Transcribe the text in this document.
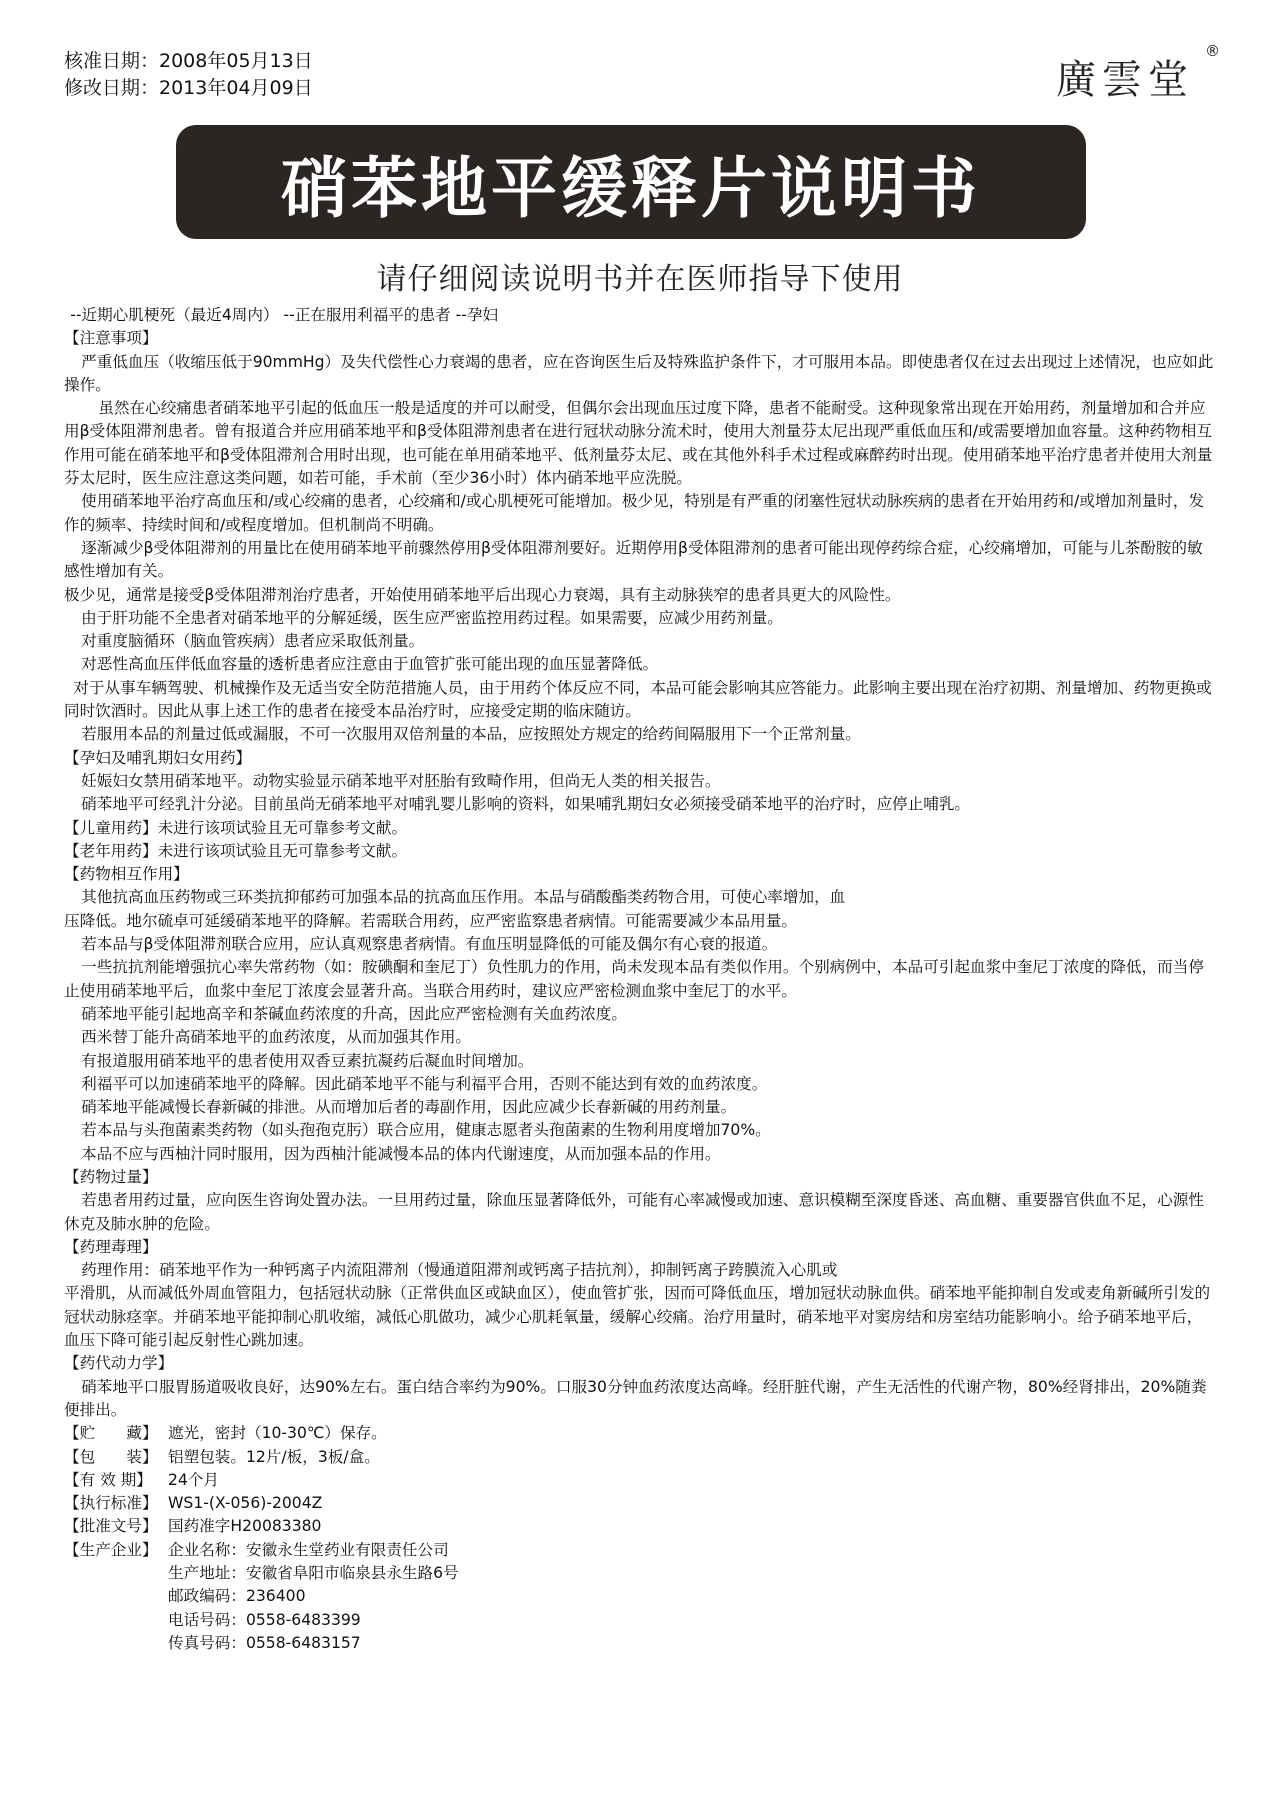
核准日期：2008年05月13日
修改日期：2013年04月09日	廣雲堂
®
硝苯地平缓释片说明书
请仔细阅读说明书并在医师指导下使用

--近期心肌梗死（最近4周内） --正在服用利福平的患者 --孕妇

【注意事项】

严重低血压（收缩压低于90mmHg）及失代偿性心力衰竭的患者，应在咨询医生后及特殊监护条件下，才可服用本品。即使患者仅在过去出现过上述情况，也应如此操作。

虽然在心绞痛患者硝苯地平引起的低血压一般是适度的并可以耐受，但偶尔会出现血压过度下降，患者不能耐受。这种现象常出现在开始用药，剂量增加和合并应用β受体阻滞剂患者。曾有报道合并应用硝苯地平和β受体阻滞剂患者在进行冠状动脉分流术时，使用大剂量芬太尼出现严重低血压和/或需要增加血容量。这种药物相互作用可能在硝苯地平和β受体阻滞剂合用时出现，也可能在单用硝苯地平、低剂量芬太尼、或在其他外科手术过程或麻醉药时出现。使用硝苯地平治疗患者并使用大剂量芬太尼时，医生应注意这类问题，如若可能，手术前（至少36小时）体内硝苯地平应洗脱。

使用硝苯地平治疗高血压和/或心绞痛的患者，心绞痛和/或心肌梗死可能增加。极少见，特别是有严重的闭塞性冠状动脉疾病的患者在开始用药和/或增加剂量时，发作的频率、持续时间和/或程度增加。但机制尚不明确。

逐渐减少β受体阻滞剂的用量比在使用硝苯地平前骤然停用β受体阻滞剂要好。近期停用β受体阻滞剂的患者可能出现停药综合症，心绞痛增加，可能与儿茶酚胺的敏感性增加有关。

极少见，通常是接受β受体阻滞剂治疗患者，开始使用硝苯地平后出现心力衰竭，具有主动脉狭窄的患者具更大的风险性。

由于肝功能不全患者对硝苯地平的分解延缓，医生应严密监控用药过程。如果需要，应减少用药剂量。

对重度脑循环（脑血管疾病）患者应采取低剂量。

对恶性高血压伴低血容量的透析患者应注意由于血管扩张可能出现的血压显著降低。

对于从事车辆驾驶、机械操作及无适当安全防范措施人员，由于用药个体反应不同，本品可能会影响其应答能力。此影响主要出现在治疗初期、剂量增加、药物更换或同时饮酒时。因此从事上述工作的患者在接受本品治疗时，应接受定期的临床随访。

若服用本品的剂量过低或漏服，不可一次服用双倍剂量的本品，应按照处方规定的给药间隔服用下一个正常剂量。

【孕妇及哺乳期妇女用药】

妊娠妇女禁用硝苯地平。动物实验显示硝苯地平对胚胎有致畸作用，但尚无人类的相关报告。

硝苯地平可经乳汁分泌。目前虽尚无硝苯地平对哺乳婴儿影响的资料，如果哺乳期妇女必须接受硝苯地平的治疗时，应停止哺乳。

【儿童用药】未进行该项试验且无可靠参考文献。

【老年用药】未进行该项试验且无可靠参考文献。

【药物相互作用】

其他抗高血压药物或三环类抗抑郁药可加强本品的抗高血压作用。本品与硝酸酯类药物合用，可使心率增加，血

压降低。地尔硫卓可延缓硝苯地平的降解。若需联合用药，应严密监察患者病情。可能需要减少本品用量。

若本品与β受体阻滞剂联合应用，应认真观察患者病情。有血压明显降低的可能及偶尔有心衰的报道。

一些抗抗剂能增强抗心率失常药物（如：胺碘酮和奎尼丁）负性肌力的作用，尚未发现本品有类似作用。个别病例中，本品可引起血浆中奎尼丁浓度的降低，而当停止使用硝苯地平后，血浆中奎尼丁浓度会显著升高。当联合用药时，建议应严密检测血浆中奎尼丁的水平。

硝苯地平能引起地高辛和茶碱血药浓度的升高，因此应严密检测有关血药浓度。

西米替丁能升高硝苯地平的血药浓度，从而加强其作用。

有报道服用硝苯地平的患者使用双香豆素抗凝药后凝血时间增加。

利福平可以加速硝苯地平的降解。因此硝苯地平不能与利福平合用，否则不能达到有效的血药浓度。

硝苯地平能减慢长春新碱的排泄。从而增加后者的毒副作用，因此应减少长春新碱的用药剂量。

若本品与头孢菌素类药物（如头孢孢克肟）联合应用，健康志愿者头孢菌素的生物利用度增加70%。

本品不应与西柚汁同时服用，因为西柚汁能减慢本品的体内代谢速度，从而加强本品的作用。

【药物过量】

若患者用药过量，应向医生咨询处置办法。一旦用药过量，除血压显著降低外，可能有心率减慢或加速、意识模糊至深度昏迷、高血糖、重要器官供血不足，心源性休克及肺水肿的危险。

【药理毒理】

药理作用：硝苯地平作为一种钙离子内流阻滞剂（慢通道阻滞剂或钙离子拮抗剂），抑制钙离子跨膜流入心肌或

平滑肌，从而减低外周血管阻力，包括冠状动脉（正常供血区或缺血区），使血管扩张，因而可降低血压，增加冠状动脉血供。硝苯地平能抑制自发或麦角新碱所引发的冠状动脉痉挛。并硝苯地平能抑制心肌收缩，减低心肌做功，减少心肌耗氧量，缓解心绞痛。治疗用量时，硝苯地平对窦房结和房室结功能影响小。给予硝苯地平后，血压下降可能引起反射性心跳加速。

【药代动力学】

硝苯地平口服胃肠道吸收良好，达90%左右。蛋白结合率约为90%。口服30分钟血药浓度达高峰。经肝脏代谢，产生无活性的代谢产物，80%经肾排出，20%随粪便排出。

【贮　　藏】 遮光，密封（10-30℃）保存。
【包　　装】 铝塑包装。12片/板，3板/盒。
【有 效 期】	24个月
【执行标准】 WS1-(X-056)-2004Z
【批准文号】 国药准字H20083380
【生产企业】 企业名称：安徽永生堂药业有限责任公司
生产地址：安徽省阜阳市临泉县永生路6号
邮政编码：236400
电话号码：0558-6483399
传真号码：0558-6483157
